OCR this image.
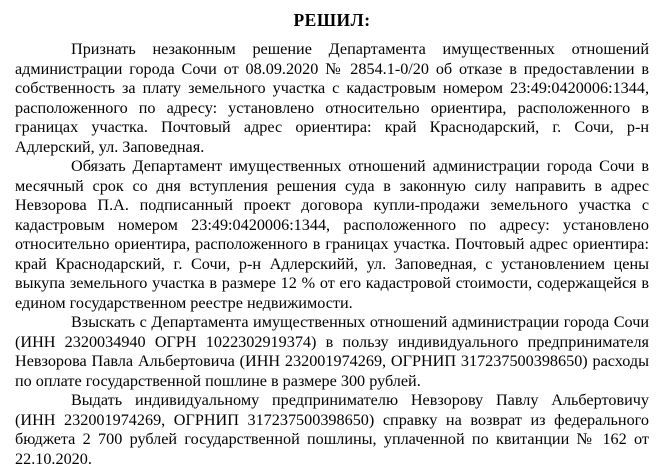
РЕШИЛ:

Признать незаконным решение Департамента имущественных отношений администрации города Сочи от 08.09.2020 № 2854.1-0/20 об отказе в предоставлении в собственность за плату земельного участка с кадастровым номером 23:49:0420006:1344, расположенного по адресу: установлено относительно ориентира, расположенного в границах участка. Почтовый адрес ориентира: край Краснодарский, г. Сочи, р-н Адлерский, ул. Заповедная.

Обязать Департамент имущественных отношений администрации города Сочи в месячный срок со дня вступления решения суда в законную силу направить в адрес Невзорова П.А. подписанный проект договора купли-продажи земельного участка с кадастровым номером 23:49:0420006:1344, расположенного по адресу: установлено относительно ориентира, расположенного в границах участка. Почтовый адрес ориентира: край Краснодарский, г. Сочи, р-н Адлерскийй, ул. Заповедная, с установлением цены выкупа земельного участка в размере 12 % от его кадастровой стоимости, содержащейся в едином государственном реестре недвижимости.

Взыскать с Департамента имущественных отношений администрации города Сочи (ИНН 2320034940 ОГРН 1022302919374) в пользу индивидуального предпринимателя Невзорова Павла Альбертовича (ИНН 232001974269, ОГРНИП 317237500398650) расходы по оплате государственной пошлине в размере 300 рублей.

Выдать индивидуальному предпринимателю Невзорову Павлу Альбертовичу (ИНН 232001974269, ОГРНИП 317237500398650) справку на возврат из федерального бюджета 2 700 рублей государственной пошлины, уплаченной по квитанции № 162 от 22.10.2020.
